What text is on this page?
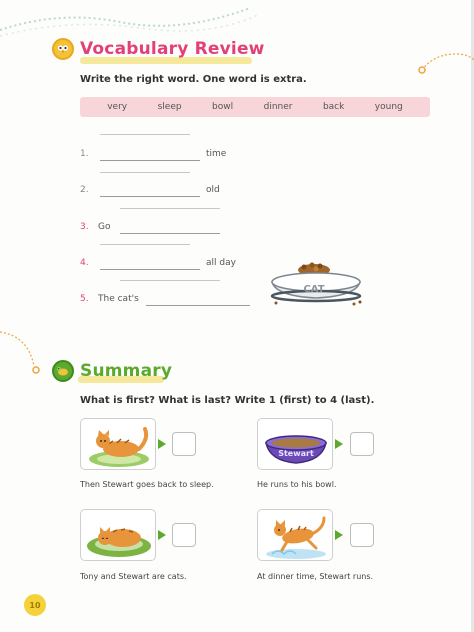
Vocabulary Review
Write the right word. One word is extra.
very	sleep	bowl	dinner	back	young
1.	time
2.	old
3. Go
4.	all day
5. The cat's
CAT
Summary
What is first? What is last? Write 1 (first) to 4 (last).
Then Stewart goes back to sleep.
Stewart
He runs to his bowl.
Tony and Stewart are cats.	At dinner time, Stewart runs.
10
